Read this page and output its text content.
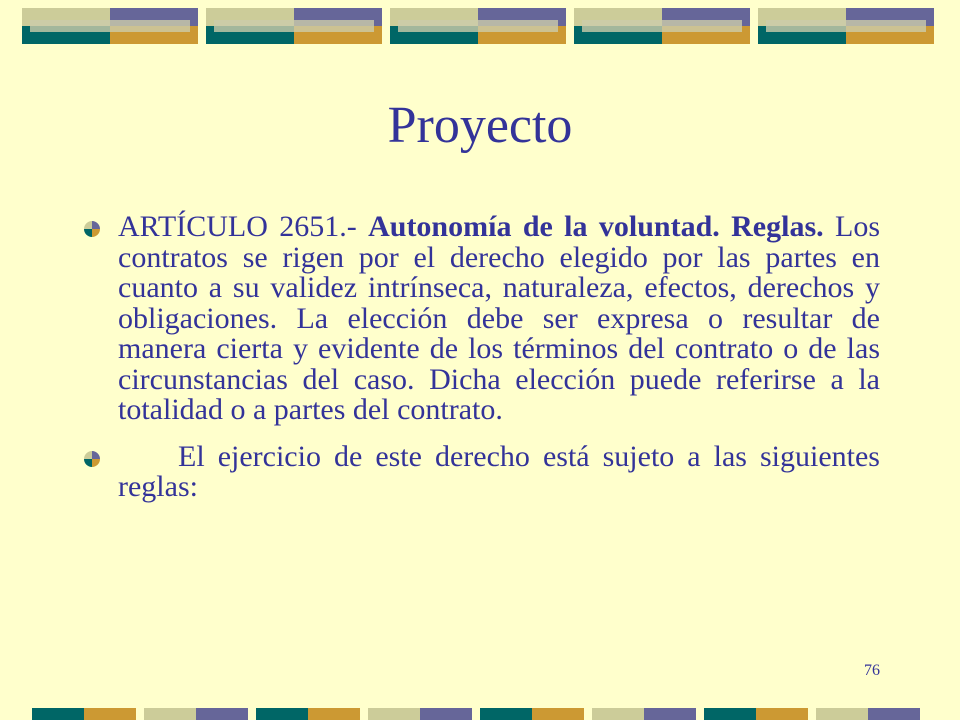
Proyecto
ARTÍCULO 2651.- Autonomía de la voluntad. Reglas. Los contratos se rigen por el derecho elegido por las partes en cuanto a su validez intrínseca, naturaleza, efectos, derechos y obligaciones. La elección debe ser expresa o resultar de manera cierta y evidente de los términos del contrato o de las circunstancias del caso. Dicha elección puede referirse a la totalidad o a partes del contrato.
El ejercicio de este derecho está sujeto a las siguientes reglas:
76
